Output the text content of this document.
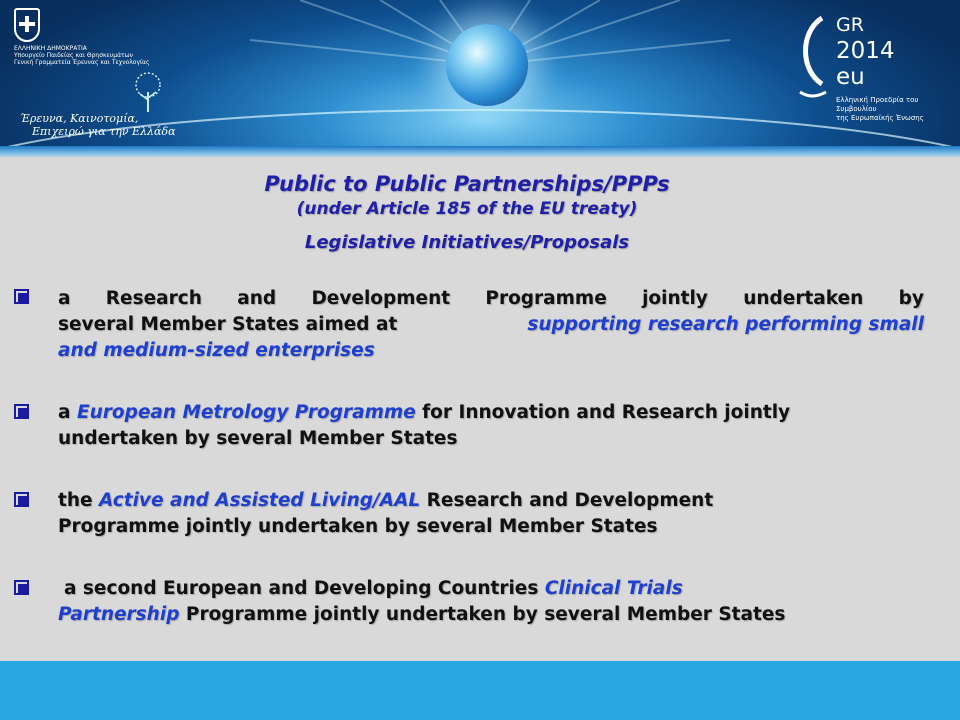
ΕΛΛΗΝΙΚΗ ΔΗΜΟΚΡΑΤΙΑ
Υπουργείο Παιδείας και Θρησκευμάτων
Γενική Γραμματεία Έρευνας και Τεχνολογίας
Έρευνα, Καινοτομία,
Επιχειρώ για την Ελλάδα
GR
2014
eu
Ελληνική Προεδρία του Συμβουλίου
της Ευρωπαϊκής Ένωσης
Public to Public Partnerships/PPPs
(under Article 185 of the EU treaty)
Legislative Initiatives/Proposals
a Research and Development Programme jointly undertaken by
several Member States aimed at	supporting research performing small
and medium-sized enterprises
a European Metrology Programme for Innovation and Research jointly
undertaken by several Member States
the Active and Assisted Living/AAL Research and Development
Programme jointly undertaken by several Member States
a second European and Developing Countries Clinical Trials
Partnership Programme jointly undertaken by several Member States
